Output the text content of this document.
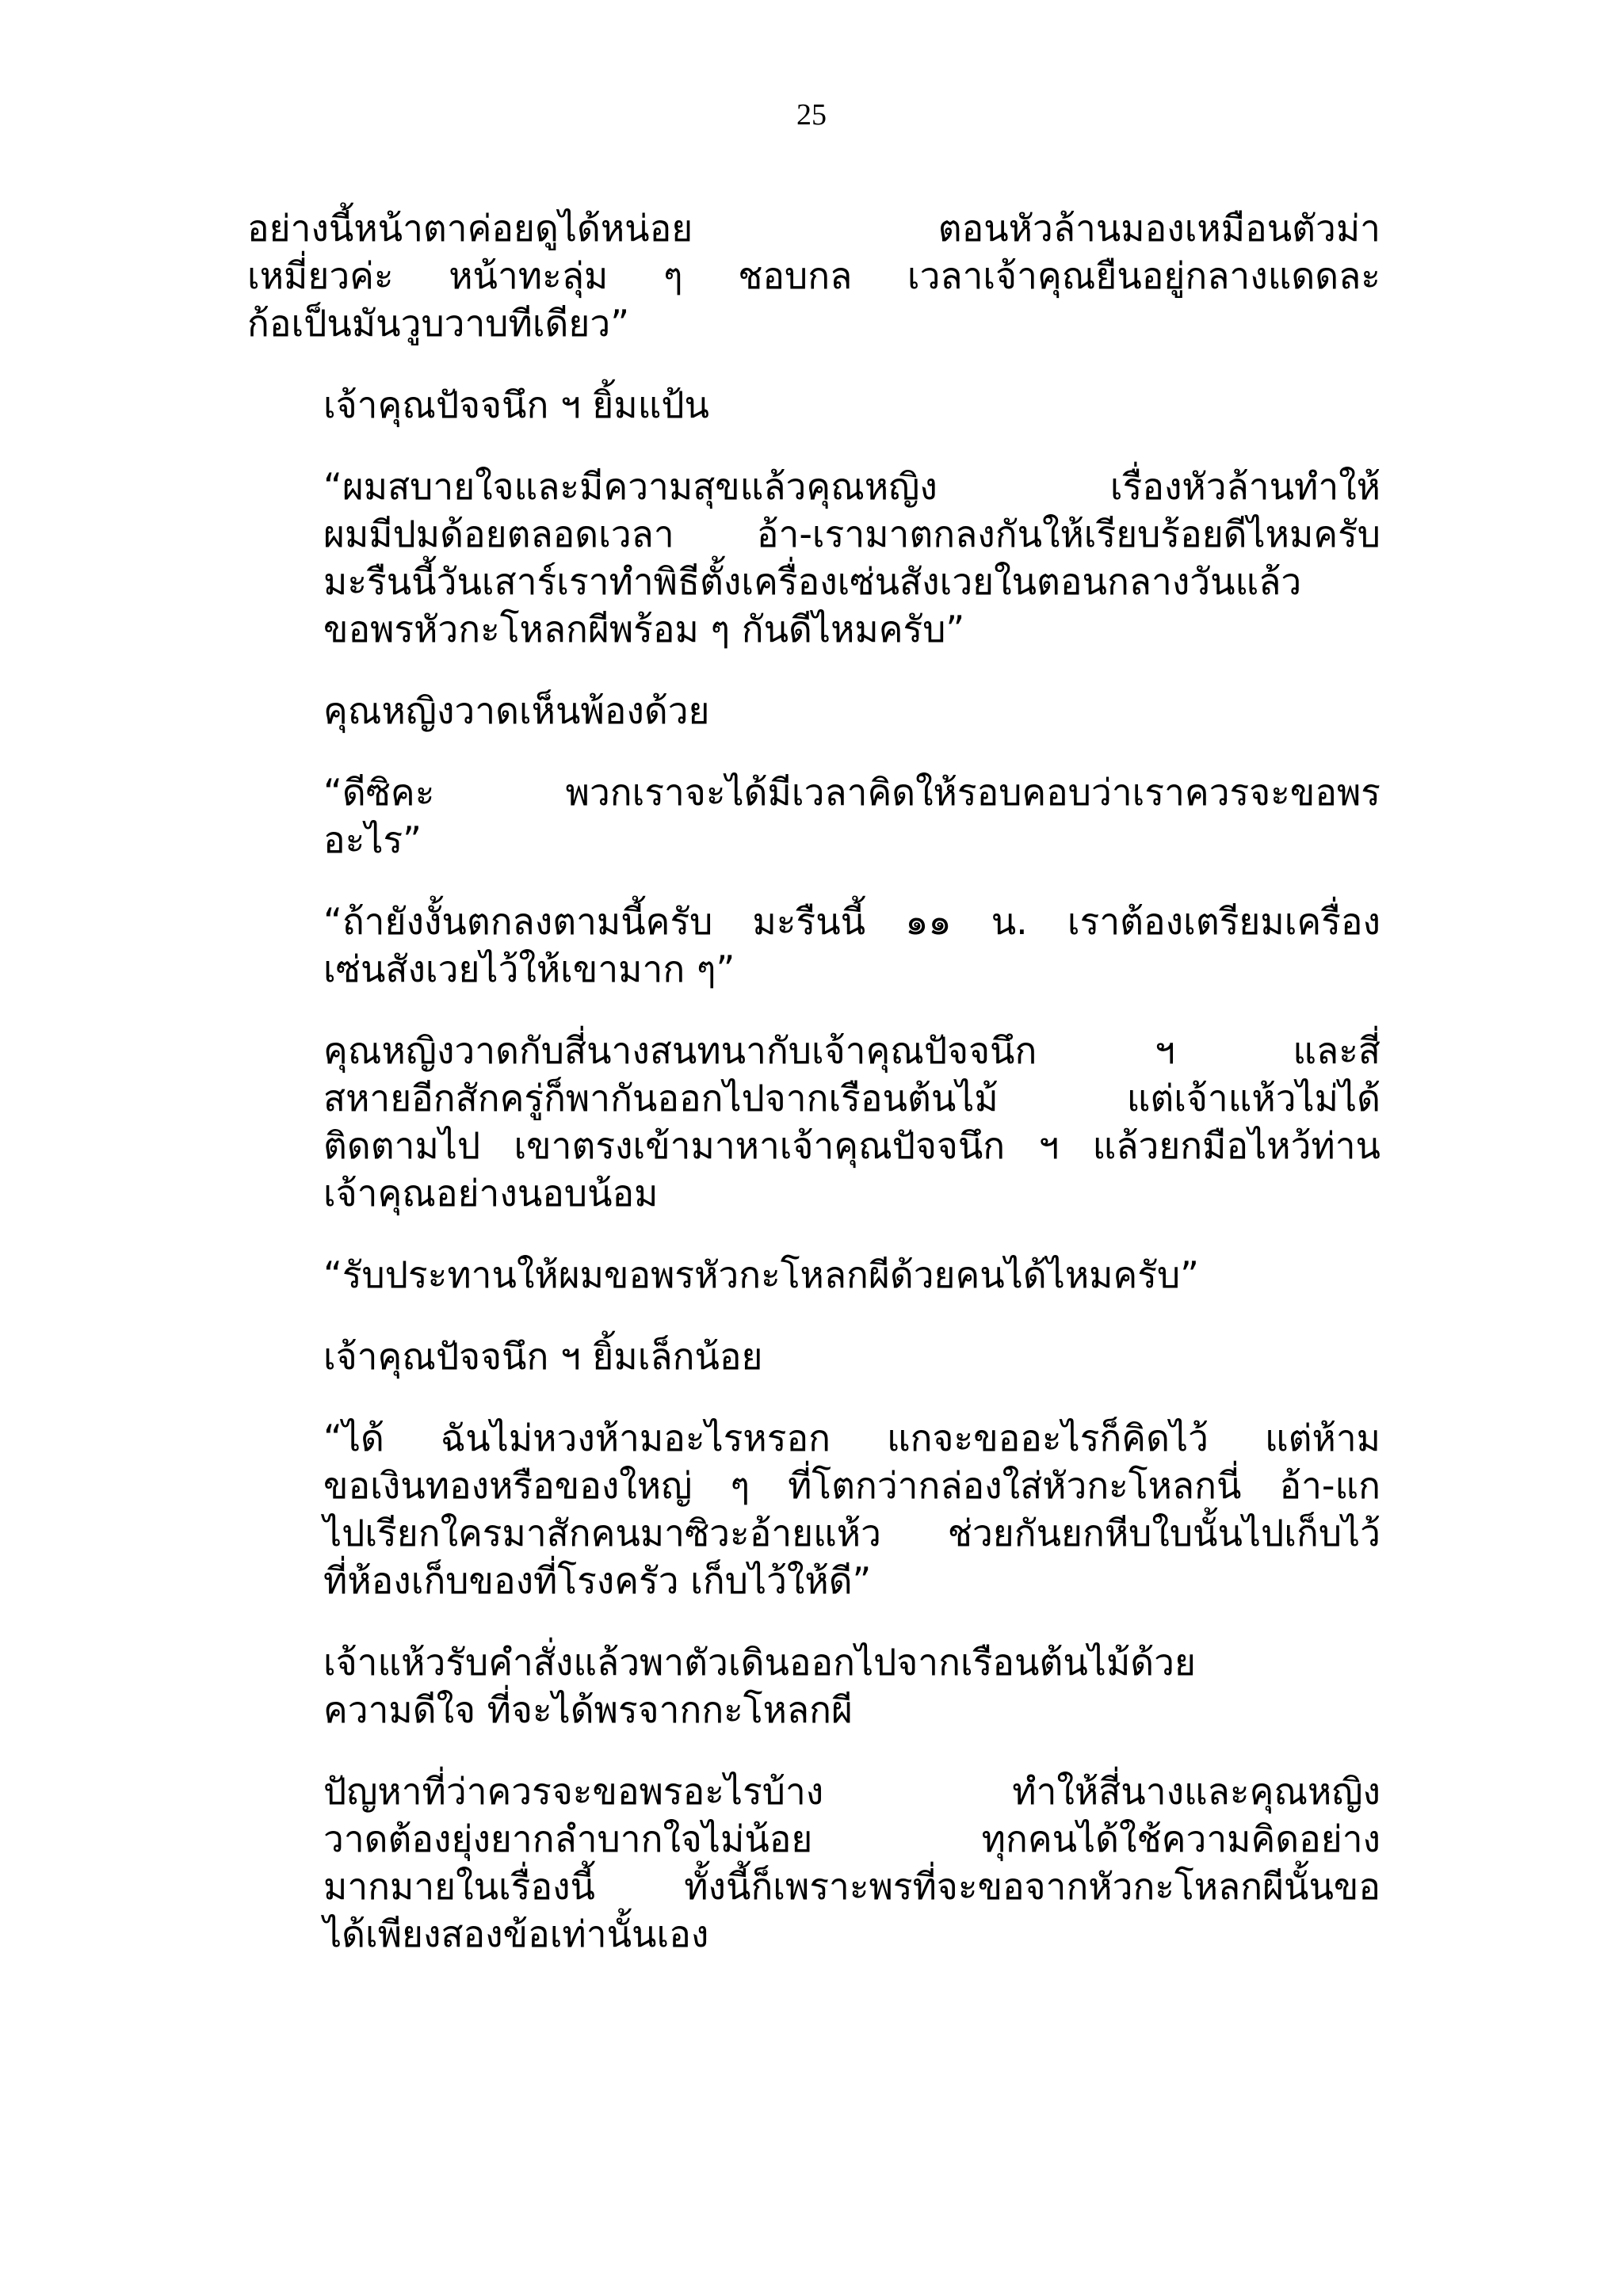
25
อย่างนี้หน้าตาค่อยดูได้หน่อย ตอนหัวล้านมองเหมือนตัวม่า
เหมี่ยวค่ะ หน้าทะลุ่ม ๆ ชอบกล เวลาเจ้าคุณยืนอยู่กลางแดดละ
ก้อเป็นมันวูบวาบทีเดียว”
เจ้าคุณปัจจนึก ฯ ยิ้มแป้น
“ผมสบายใจและมีความสุขแล้วคุณหญิง เรื่องหัวล้านทำให้
ผมมีปมด้อยตลอดเวลา อ้า-เรามาตกลงกันให้เรียบร้อยดีไหมครับ
มะรืนนี้วันเสาร์เราทำพิธีตั้งเครื่องเซ่นสังเวยในตอนกลางวันแล้ว
ขอพรหัวกะโหลกผีพร้อม ๆ กันดีไหมครับ”
คุณหญิงวาดเห็นพ้องด้วย
“ดีซิคะ พวกเราจะได้มีเวลาคิดให้รอบคอบว่าเราควรจะขอพร
อะไร”
“ถ้ายังงั้นตกลงตามนี้ครับ มะรืนนี้ ๑๑ น. เราต้องเตรียมเครื่อง
เซ่นสังเวยไว้ให้เขามาก ๆ”
คุณหญิงวาดกับสี่นางสนทนากับเจ้าคุณปัจจนึก ฯ และสี่
สหายอีกสักครู่ก็พากันออกไปจากเรือนต้นไม้ แต่เจ้าแห้วไม่ได้
ติดตามไป เขาตรงเข้ามาหาเจ้าคุณปัจจนึก ฯ แล้วยกมือไหว้ท่าน
เจ้าคุณอย่างนอบน้อม
“รับประทานให้ผมขอพรหัวกะโหลกผีด้วยคนได้ไหมครับ”
เจ้าคุณปัจจนึก ฯ ยิ้มเล็กน้อย
“ได้ ฉันไม่หวงห้ามอะไรหรอก แกจะขออะไรก็คิดไว้ แต่ห้าม
ขอเงินทองหรือของใหญ่ ๆ ที่โตกว่ากล่องใส่หัวกะโหลกนี่ อ้า-แก
ไปเรียกใครมาสักคนมาซิวะอ้ายแห้ว ช่วยกันยกหีบใบนั้นไปเก็บไว้
ที่ห้องเก็บของที่โรงครัว เก็บไว้ให้ดี”
เจ้าแห้วรับคำสั่งแล้วพาตัวเดินออกไปจากเรือนต้นไม้ด้วย
ความดีใจ ที่จะได้พรจากกะโหลกผี
ปัญหาที่ว่าควรจะขอพรอะไรบ้าง ทำให้สี่นางและคุณหญิง
วาดต้องยุ่งยากลำบากใจไม่น้อย ทุกคนได้ใช้ความคิดอย่าง
มากมายในเรื่องนี้ ทั้งนี้ก็เพราะพรที่จะขอจากหัวกะโหลกผีนั้นขอ
ได้เพียงสองข้อเท่านั้นเอง
